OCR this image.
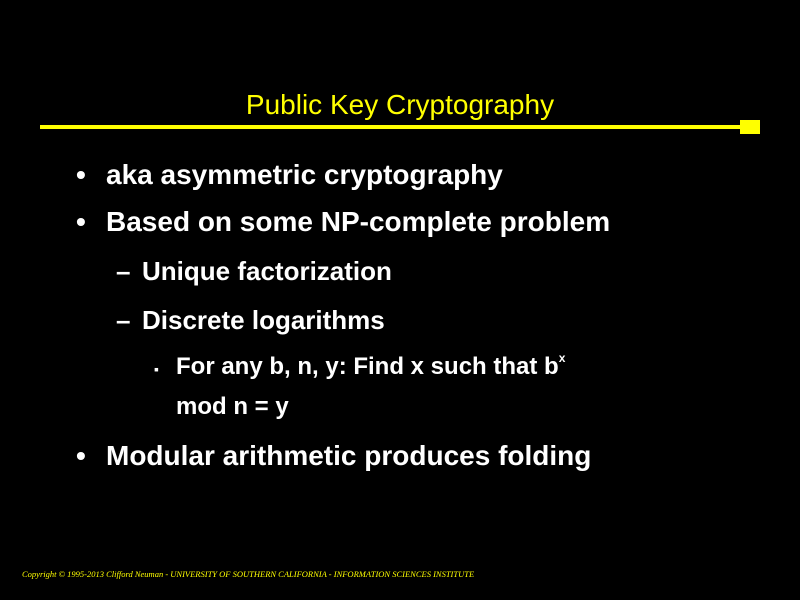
Public Key Cryptography
• aka asymmetric cryptography
• Based on some NP-complete problem
– Unique factorization
– Discrete logarithms
▪ For any b, n, y: Find x such that $b^x$
mod n = y
• Modular arithmetic produces folding
Copyright © 1995-2013 Clifford Neuman - UNIVERSITY OF SOUTHERN CALIFORNIA - INFORMATION SCIENCES INSTITUTE
